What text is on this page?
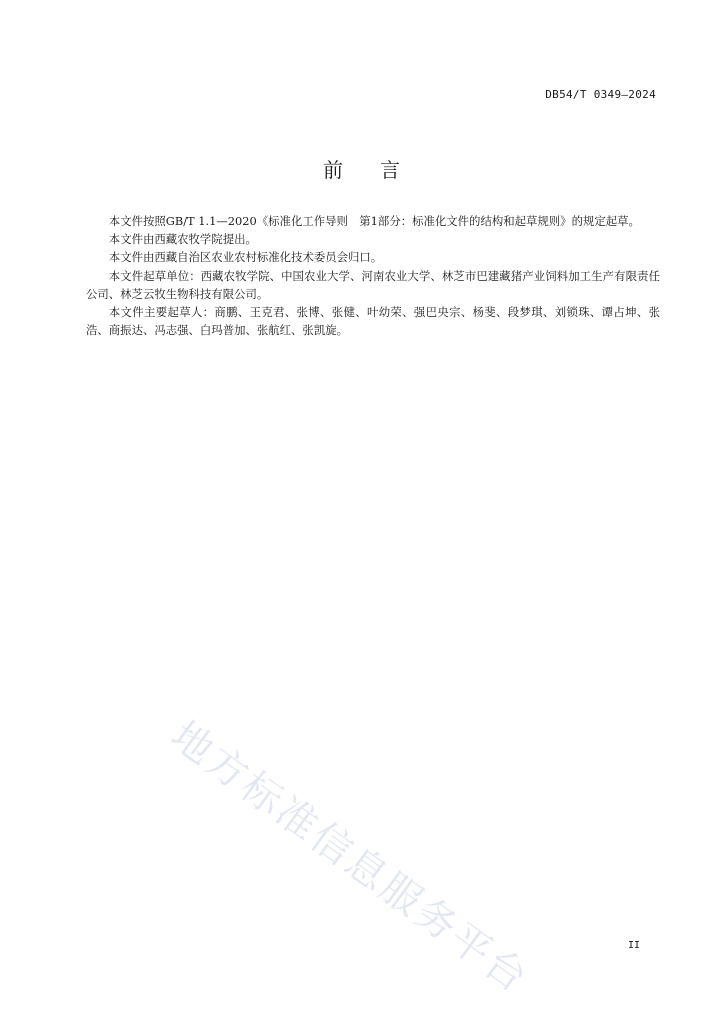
DB54/T 0349—2024
前 言

本文件按照GB/T 1.1—2020《标准化工作导则　第1部分：标准化文件的结构和起草规则》的规定起草。

本文件由西藏农牧学院提出。

本文件由西藏自治区农业农村标准化技术委员会归口。

本文件起草单位：西藏农牧学院、中国农业大学、河南农业大学、林芝市巴建藏猪产业饲料加工生产有限责任公司、林芝云牧生物科技有限公司。

本文件主要起草人：商鹏、王克君、张博、张健、叶幼荣、强巴央宗、杨斐、段梦琪、刘锁珠、谭占坤、张浩、商振达、冯志强、白玛普加、张航红、张凯旋。

地方标准信息服务平台	II
